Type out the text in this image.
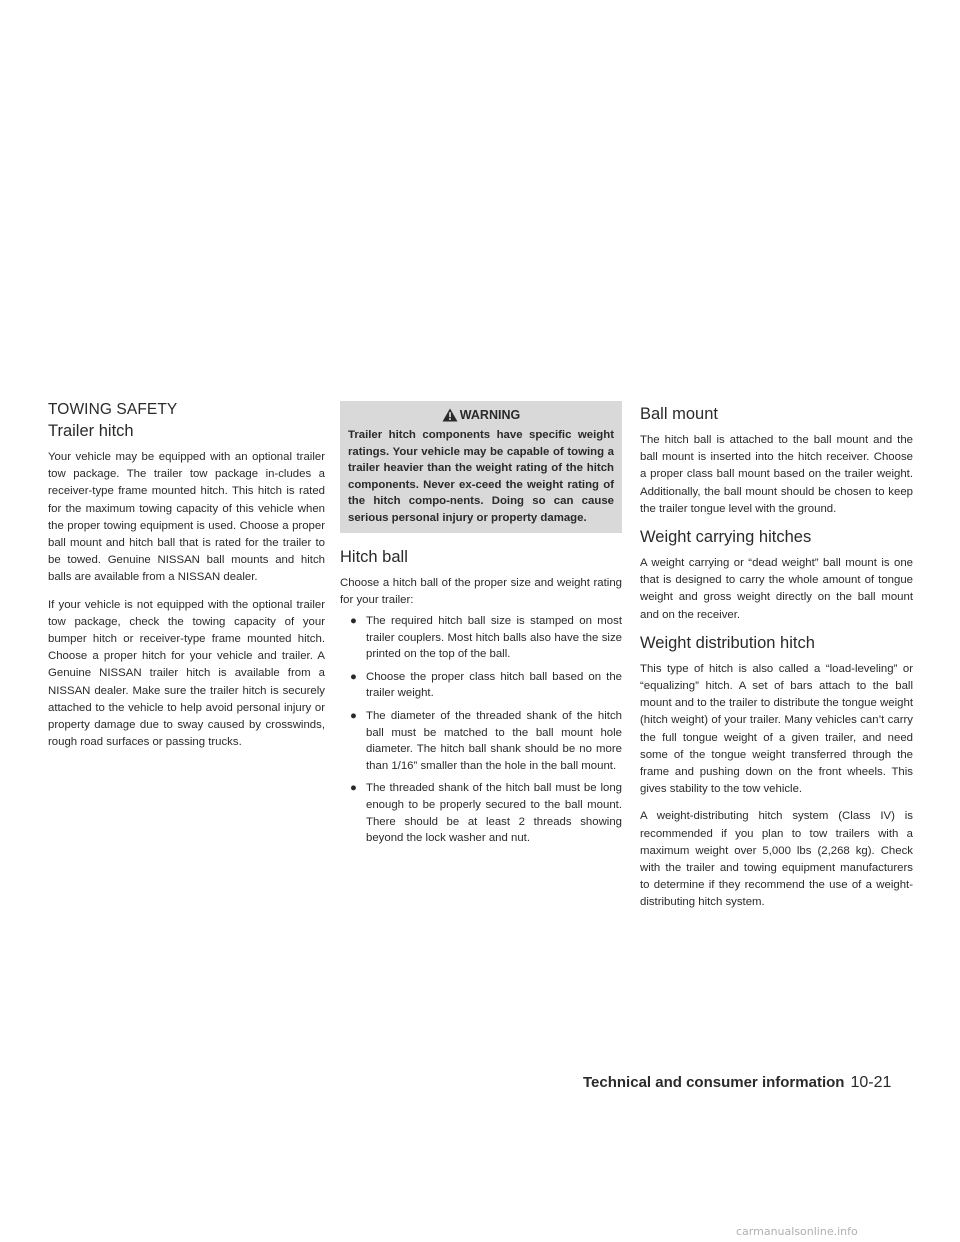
TOWING SAFETY
Trailer hitch

Your vehicle may be equipped with an optional trailer tow package. The trailer tow package in-cludes a receiver-type frame mounted hitch. This hitch is rated for the maximum towing capacity of this vehicle when the proper towing equipment is used. Choose a proper ball mount and hitch ball that is rated for the trailer to be towed. Genuine NISSAN ball mounts and hitch balls are available from a NISSAN dealer.

If your vehicle is not equipped with the optional trailer tow package, check the towing capacity of your bumper hitch or receiver-type frame mounted hitch. Choose a proper hitch for your vehicle and trailer. A Genuine NISSAN trailer hitch is available from a NISSAN dealer. Make sure the trailer hitch is securely attached to the vehicle to help avoid personal injury or property damage due to sway caused by crosswinds, rough road surfaces or passing trucks.

WARNING
Trailer hitch components have specific weight ratings. Your vehicle may be capable of towing a trailer heavier than the weight rating of the hitch components. Never ex-ceed the weight rating of the hitch compo-nents. Doing so can cause serious personal injury or property damage.
Hitch ball

Choose a hitch ball of the proper size and weight rating for your trailer:

● The required hitch ball size is stamped on most trailer couplers. Most hitch balls also have the size printed on the top of the ball.
● Choose the proper class hitch ball based on the trailer weight.
● The diameter of the threaded shank of the hitch ball must be matched to the ball mount hole diameter. The hitch ball shank should be no more than 1/16” smaller than the hole in the ball mount.
● The threaded shank of the hitch ball must be long enough to be properly secured to the ball mount. There should be at least 2 threads showing beyond the lock washer and nut.
Ball mount

The hitch ball is attached to the ball mount and the ball mount is inserted into the hitch receiver. Choose a proper class ball mount based on the trailer weight. Additionally, the ball mount should be chosen to keep the trailer tongue level with the ground.

Weight carrying hitches

A weight carrying or “dead weight” ball mount is one that is designed to carry the whole amount of tongue weight and gross weight directly on the ball mount and on the receiver.

Weight distribution hitch

This type of hitch is also called a “load-leveling” or “equalizing” hitch. A set of bars attach to the ball mount and to the trailer to distribute the tongue weight (hitch weight) of your trailer. Many vehicles can’t carry the full tongue weight of a given trailer, and need some of the tongue weight transferred through the frame and pushing down on the front wheels. This gives stability to the tow vehicle.

A weight-distributing hitch system (Class IV) is recommended if you plan to tow trailers with a maximum weight over 5,000 lbs (2,268 kg). Check with the trailer and towing equipment manufacturers to determine if they recommend the use of a weight-distributing hitch system.

Technical and consumer information 10-21
carmanualsonline.info
